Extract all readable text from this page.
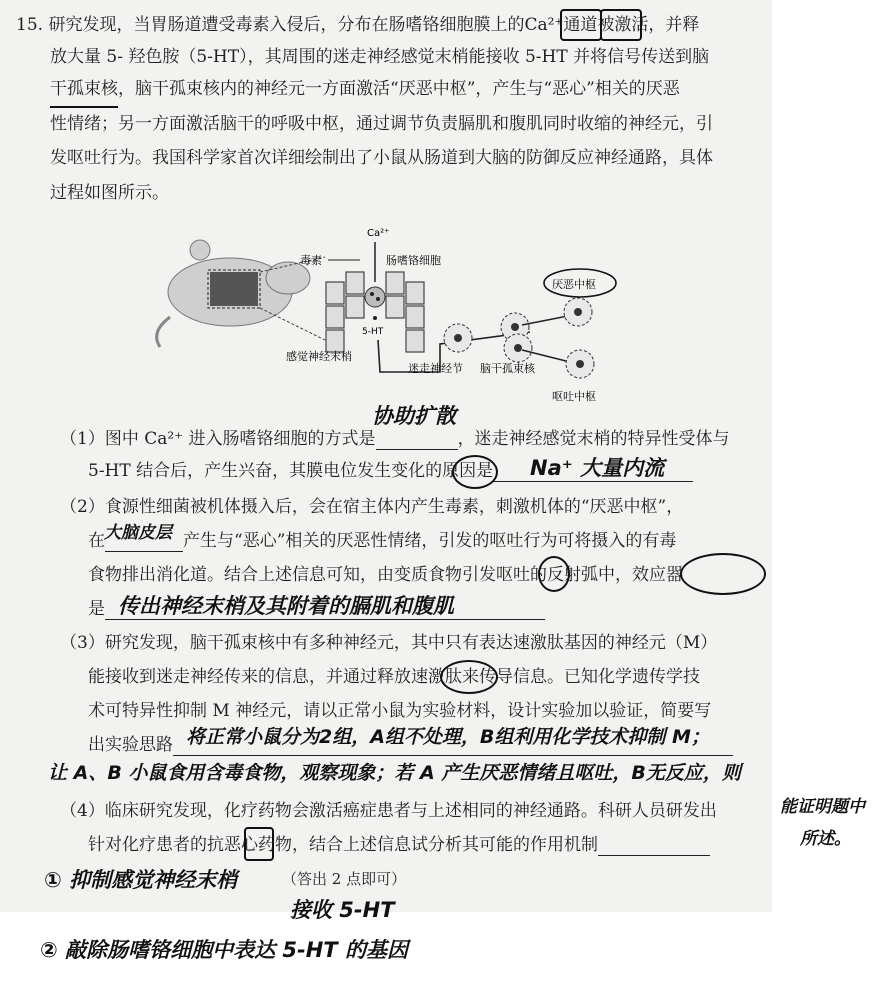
15. 研究发现，当胃肠道遭受毒素入侵后，分布在肠嗜铬细胞膜上的Ca²⁺通道被激活，并释
放大量 5- 羟色胺（5-HT），其周围的迷走神经感觉末梢能接收 5-HT 并将信号传送到脑
干孤束核，脑干孤束核内的神经元一方面激活“厌恶中枢”，产生与“恶心”相关的厌恶
性情绪；另一方面激活脑干的呼吸中枢，通过调节负责膈肌和腹肌同时收缩的神经元，引
发呕吐行为。我国科学家首次详细绘制出了小鼠从肠道到大脑的防御反应神经通路，具体
过程如图所示。
Ca²⁺
毒素	肠嗜铬细胞
5-HT
感觉神经末梢
厌恶中枢
迷走神经节 脑干孤束核
呕吐中枢
（1）图中 Ca²⁺ 进入肠嗜铬细胞的方式是	，迷走神经感觉末梢的特异性受体与
5-HT 结合后，产生兴奋，其膜电位发生变化的原因是
（2）食源性细菌被机体摄入后，会在宿主体内产生毒素，刺激机体的“厌恶中枢”，
在	产生与“恶心”相关的厌恶性情绪，引发的呕吐行为可将摄入的有毒
食物排出消化道。结合上述信息可知，由变质食物引发呕吐的反射弧中，效应器
是
（3）研究发现，脑干孤束核中有多种神经元，其中只有表达速激肽基因的神经元（M）
能接收到迷走神经传来的信息，并通过释放速激肽来传导信息。已知化学遗传学技
术可特异性抑制 M 神经元，请以正常小鼠为实验材料，设计实验加以验证，简要写
出实验思路
（4）临床研究发现，化疗药物会激活癌症患者与上述相同的神经通路。科研人员研发出
针对化疗患者的抗恶心药物，结合上述信息试分析其可能的作用机制
（答出 2 点即可）
协助扩散
Na⁺ 大量内流
大脑皮层
传出神经末梢及其附着的膈肌和腹肌
将正常小鼠分为2组，A组不处理，B组利用化学技术抑制 M；
让 A、B 小鼠食用含毒食物，观察现象；若 A 产生厌恶情绪且呕吐，B无反应，则
能证明题中
所述。
① 抑制感觉神经末梢
接收 5-HT
② 敲除肠嗜铬细胞中表达 5-HT 的基因
